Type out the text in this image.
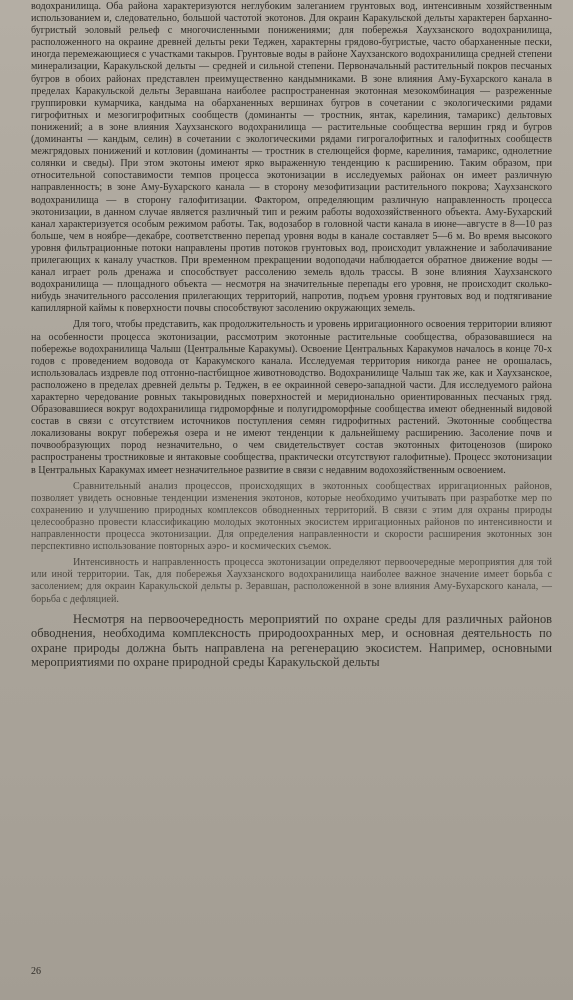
водохранилища. Оба района характеризуются неглубоким залеганием грунтовых вод, интенсивным хозяйственным использованием и, следовательно, большой частотой экотонов. Для окраин Каракульской дельты характерен барханно-бугристый эоловый рельеф с многочисленными понижениями; для побережья Хаухзанского водохранилища, расположенного на окраине древней дельты реки Теджен, характерны грядово-бугристые, часто обарханенные пески, иногда перемежающиеся с участками такыров. Грунтовые воды в районе Хаухзанского водохранилища средней степени минерализации, Каракульской дельты — средней и сильной степени. Первоначальный растительный покров песчаных бугров в обоих районах представлен преимущественно кандымниками. В зоне влияния Аму-Бухарского канала в пределах Каракульской дельты Зеравшана наиболее распространенная экотонная мезокомбинация — разреженные группировки кумарчика, кандыма на обарханенных вершинах бугров в сочетании с экологическими рядами гигрофитных и мезогигрофитных сообществ (доминанты — тростник, янтак, карелиния, тамарикс) дельтовых понижений; а в зоне влияния Хаухзанского водохранилища — растительные сообщества вершин гряд и бугров (доминанты — кандым, селин) в сочетании с экологическими рядами гигрогалофитных и галофитных сообществ межгрядовых понижений и котловин (доминанты — тростник в стелющейся форме, карелиния, тамарикс, однолетние солянки и сведы). При этом экотоны имеют ярко выраженную тенденцию к расширению. Таким образом, при относительной сопоставимости темпов процесса экотонизации в исследуемых районах он имеет различную направленность; в зоне Аму-Бухарского канала — в сторону мезофитизации растительного покрова; Хаухзанского водохранилища — в сторону галофитизации. Фактором, определяющим различную направленность процесса экотонизации, в данном случае является различный тип и режим работы водохозяйственного объекта. Аму-Бухарский канал характеризуется особым режимом работы. Так, водозабор в головной части канала в июне—августе в 8—10 раз больше, чем в ноябре—декабре, соответственно перепад уровня воды в канале составляет 5—6 м. Во время высокого уровня фильтрационные потоки направлены против потоков грунтовых вод, происходит увлажнение и заболачивание прилегающих к каналу участков. При временном прекращении водоподачи наблюдается обратное движение воды — канал играет роль дренажа и способствует рассолению земель вдоль трассы. В зоне влияния Хаухзанского водохранилища — площадного объекта — несмотря на значительные перепады его уровня, не происходит сколько-нибудь значительного рассоления прилегающих территорий, напротив, подъем уровня грунтовых вод и подтягивание капиллярной каймы к поверхности почвы способствуют засолению окружающих земель.

Для того, чтобы представить, как продолжительность и уровень ирригационного освоения территории влияют на особенности процесса экотонизации, рассмотрим экотонные растительные сообщества, образовавшиеся на побережье водохранилища Чалыш (Центральные Каракумы). Освоение Центральных Каракумов началось в конце 70-х годов с проведением водовода от Каракумского канала. Исследуемая территория никогда ранее не орошалась, использовалась издревле под отгонно-пастбищное животноводство. Водохранилище Чалыш так же, как и Хаухзанское, расположено в пределах древней дельты р. Теджен, в ее окраинной северо-западной части. Для исследуемого района характерно чередование ровных такыровидных поверхностей и меридионально ориентированных песчаных гряд. Образовавшиеся вокруг водохранилища гидроморфные и полугидроморфные сообщества имеют обедненный видовой состав в связи с отсутствием источников поступления семян гидрофитных растений. Экотонные сообщества локализованы вокруг побережья озера и не имеют тенденции к дальнейшему расширению. Засоление почв и почвообразующих пород незначительно, о чем свидетельствует состав экотонных фитоценозов (широко распространены тростниковые и янтаковые сообщества, практически отсутствуют галофитные). Процесс экотонизации в Центральных Каракумах имеет незначительное развитие в связи с недавним водохозяйственным освоением.

Сравнительный анализ процессов, происходящих в экотонных сообществах ирригационных районов, позволяет увидеть основные тенденции изменения экотонов, которые необходимо учитывать при разработке мер по сохранению и улучшению природных комплексов обводненных территорий. В связи с этим для охраны природы целесообразно провести классификацию молодых экотонных экосистем ирригационных районов по интенсивности и направленности процесса экотонизации. Для определения направленности и скорости расширения экотонных зон перспективно использование повторных аэро- и космических съемок.

Интенсивность и направленность процесса экотонизации определяют первоочередные мероприятия для той или иной территории. Так, для побережья Хаухзанского водохранилища наиболее важное значение имеет борьба с засолением; для окраин Каракульской дельты р. Зеравшан, расположенной в зоне влияния Аму-Бухарского канала, — борьба с дефляцией.

Несмотря на первоочередность мероприятий по охране среды для различных районов обводнения, необходима комплексность природоохранных мер, и основная деятельность по охране природы должна быть направлена на регенерацию экосистем. Например, основными мероприятиями по охране природной среды Каракульской дельты

26
